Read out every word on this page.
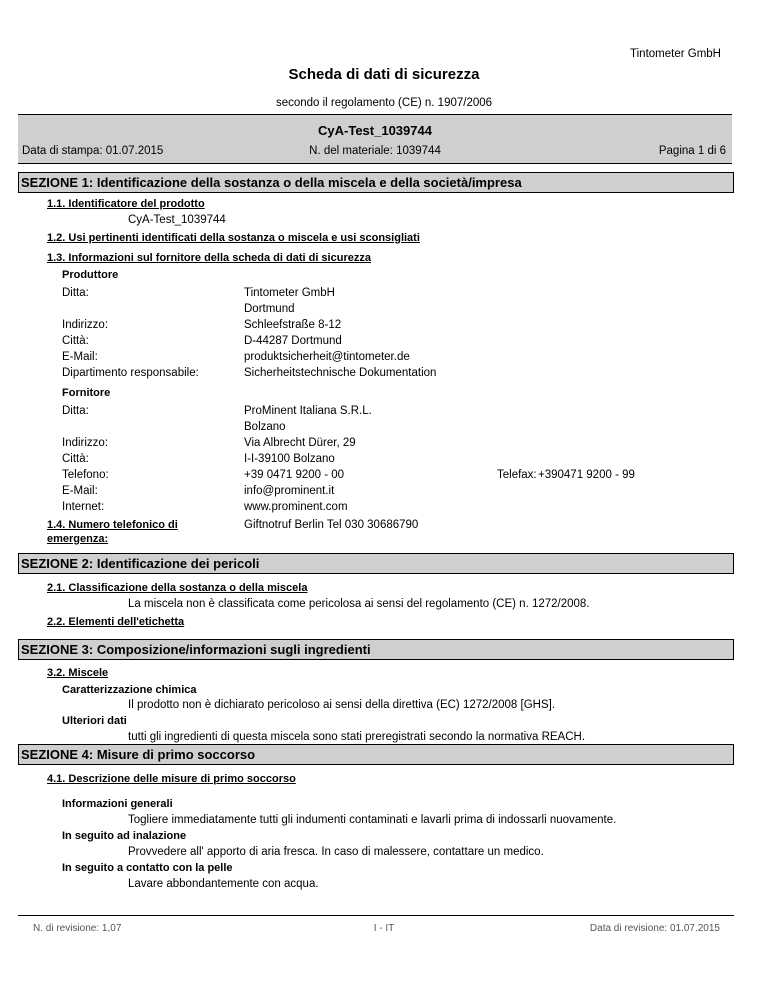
Tintometer GmbH
Scheda di dati di sicurezza
secondo il regolamento (CE) n. 1907/2006
CyA-Test_1039744
Data di stampa: 01.07.2015	N. del materiale: 1039744	Pagina 1 di 6
SEZIONE 1: Identificazione della sostanza o della miscela e della società/impresa
1.1. Identificatore del prodotto
CyA-Test_1039744
1.2. Usi pertinenti identificati della sostanza o miscela e usi sconsigliati
1.3. Informazioni sul fornitore della scheda di dati di sicurezza
Produttore
Ditta:	Tintometer GmbH
Dortmund
Indirizzo:	Schleefstraße 8-12
Città:	D-44287 Dortmund
E-Mail:	produktsicherheit@tintometer.de
Dipartimento responsabile:	Sicherheitstechnische Dokumentation
Fornitore
Ditta:	ProMinent Italiana S.R.L.
Bolzano
Indirizzo:	Via Albrecht Dürer, 29
Città:	I-I-39100 Bolzano
Telefono:	+39 0471 9200 - 00	Telefax: +390471 9200 - 99
E-Mail:	info@prominent.it
Internet:	www.prominent.com
1.4. Numero telefonico di
emergenza:
Giftnotruf Berlin Tel 030 30686790
SEZIONE 2: Identificazione dei pericoli
2.1. Classificazione della sostanza o della miscela
La miscela non è classificata come pericolosa ai sensi del regolamento (CE) n. 1272/2008.
2.2. Elementi dell'etichetta
SEZIONE 3: Composizione/informazioni sugli ingredienti
3.2. Miscele
Caratterizzazione chimica
Il prodotto non è dichiarato pericoloso ai sensi della direttiva (EC) 1272/2008 [GHS].
Ulteriori dati
tutti gli ingredienti di questa miscela sono stati preregistrati secondo la normativa REACH.
SEZIONE 4: Misure di primo soccorso
4.1. Descrizione delle misure di primo soccorso
Informazioni generali
Togliere immediatamente tutti gli indumenti contaminati e lavarli prima di indossarli nuovamente.
In seguito ad inalazione
Provvedere all' apporto di aria fresca. In caso di malessere, contattare un medico.
In seguito a contatto con la pelle
Lavare abbondantemente con acqua.
N. di revisione: 1,07	I - IT	Data di revisione: 01.07.2015
